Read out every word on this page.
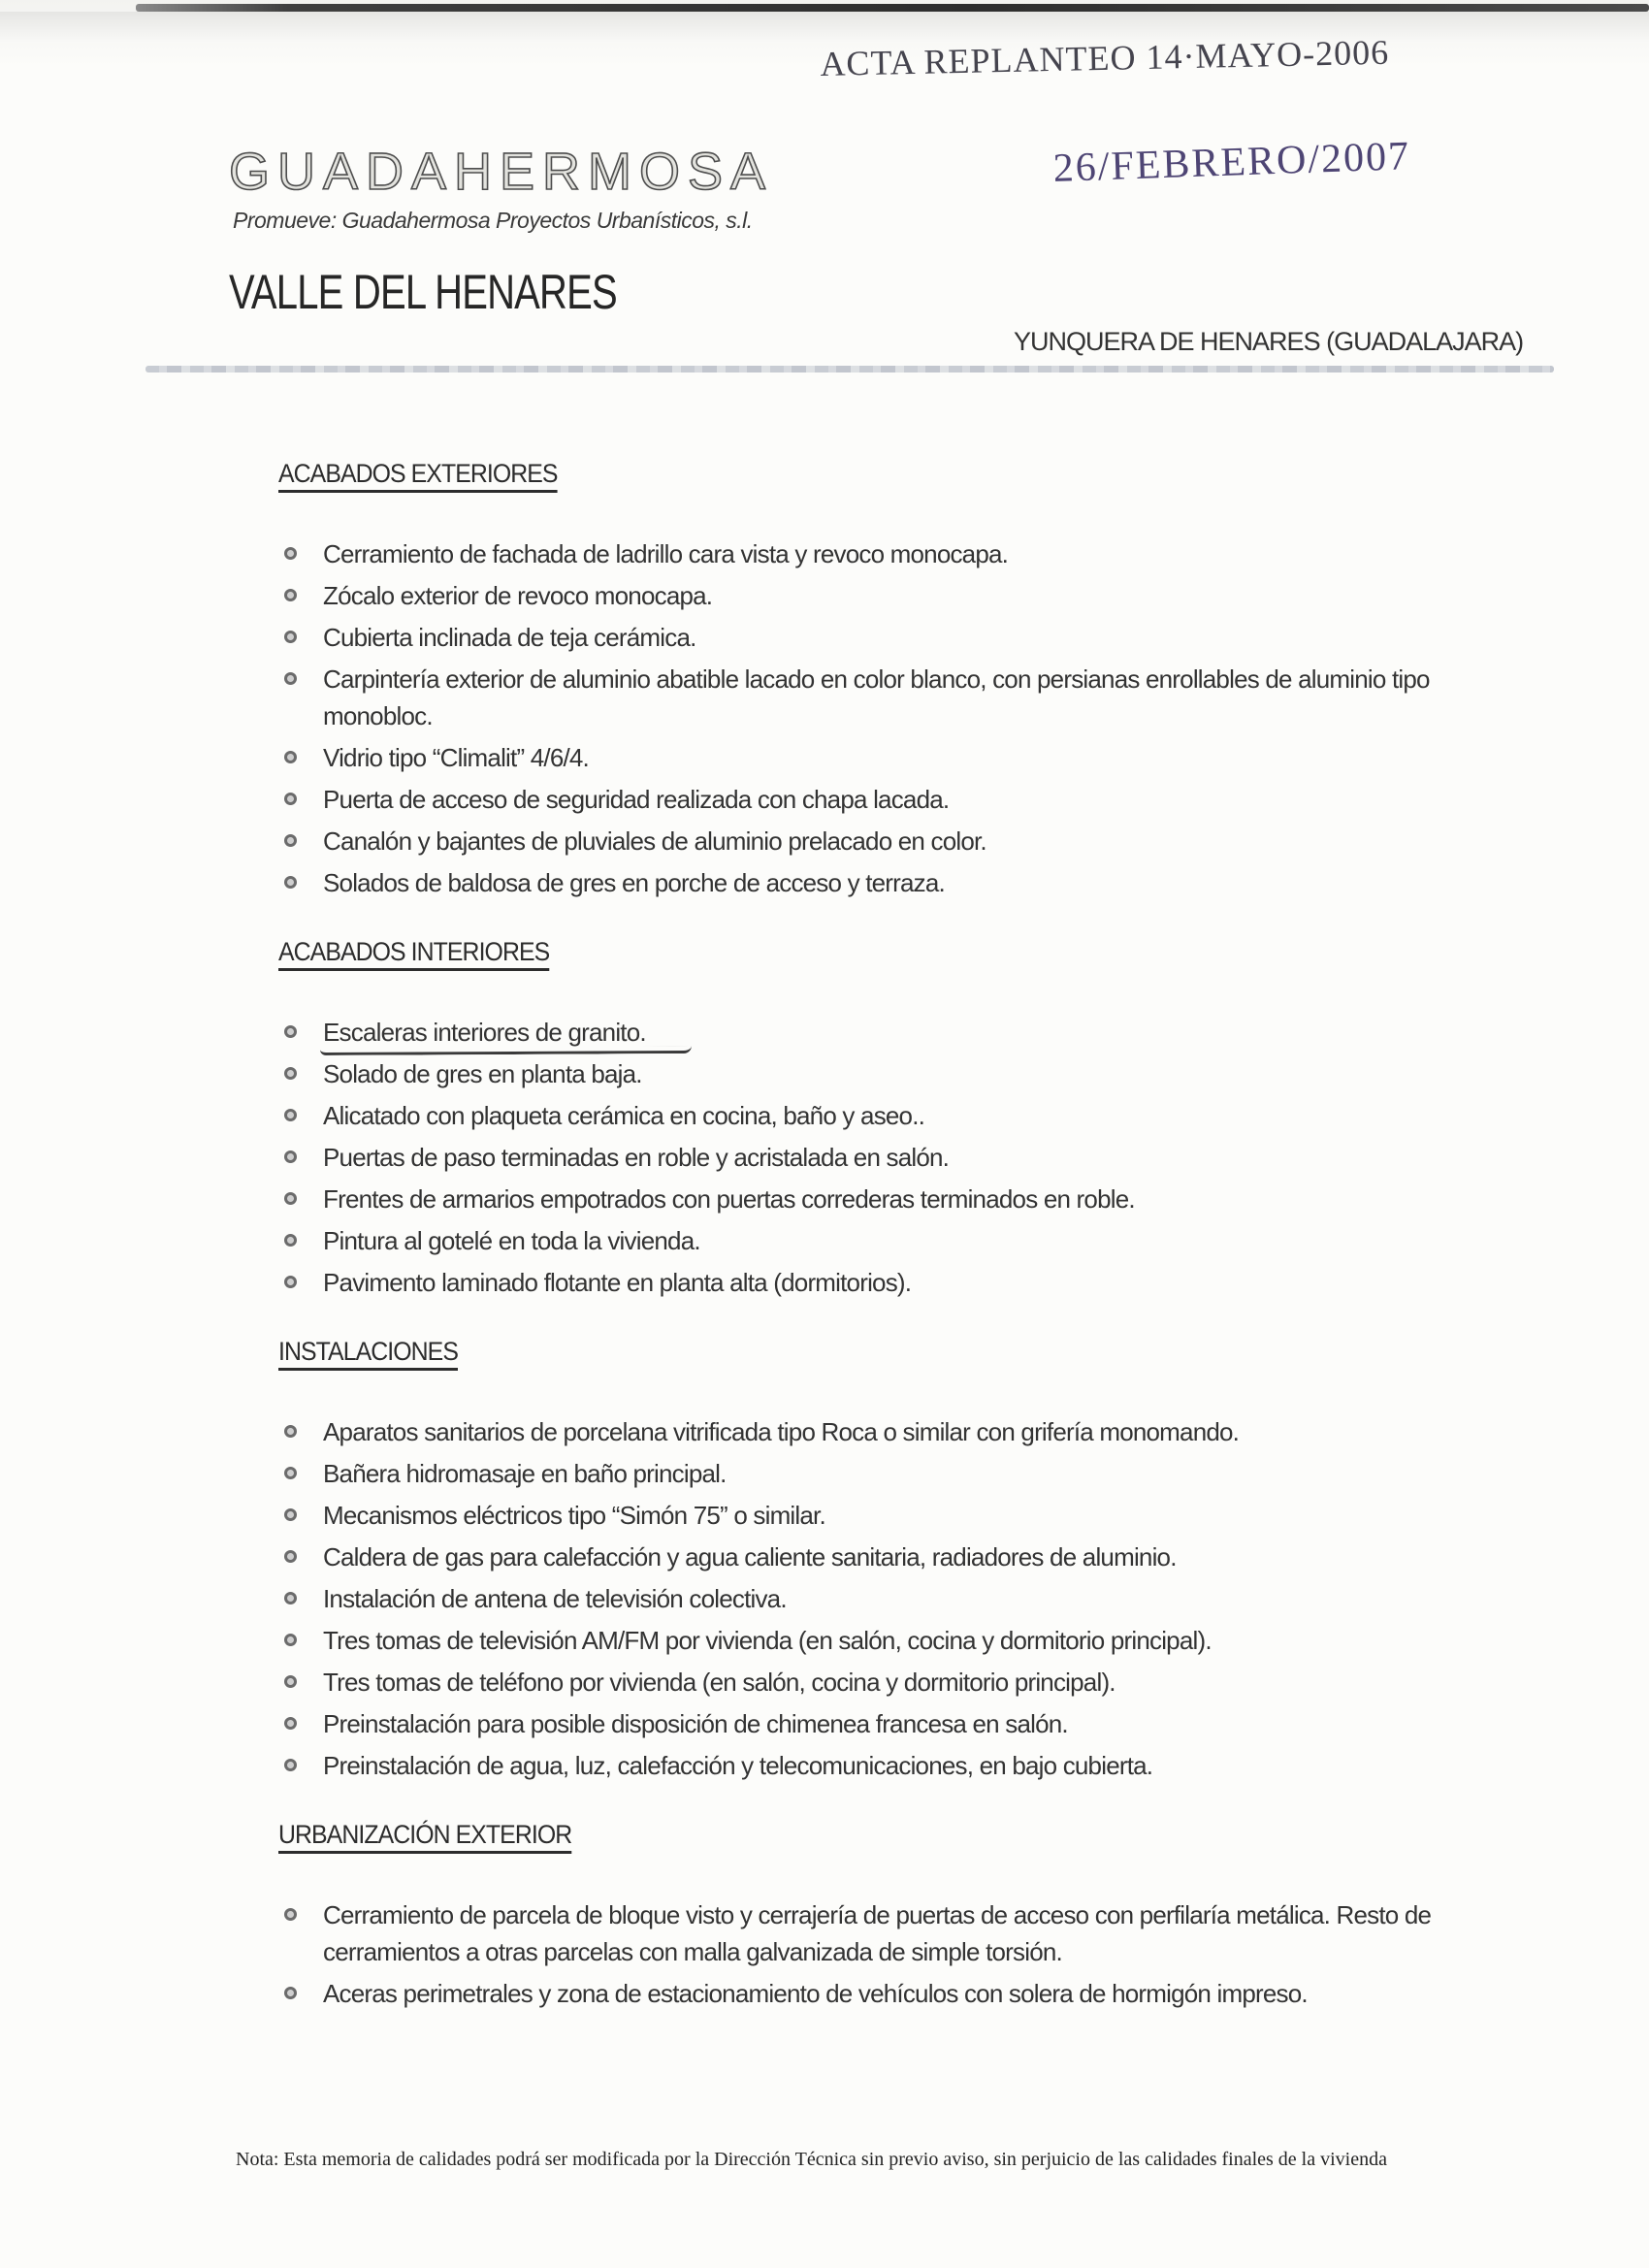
ACTA REPLANTEO 14·MAYO-2006
26/FEBRERO/2007
GUADAHERMOSA
Promueve: Guadahermosa Proyectos Urbanísticos, s.l.
VALLE DEL HENARES
YUNQUERA DE HENARES (GUADALAJARA)
ACABADOS EXTERIORES
Cerramiento de fachada de ladrillo cara vista y revoco monocapa.
Zócalo exterior de revoco monocapa.
Cubierta inclinada de teja cerámica.
Carpintería exterior de aluminio abatible lacado en color blanco, con persianas enrollables de aluminio tipo monobloc.
Vidrio tipo “Climalit” 4/6/4.
Puerta de acceso de seguridad realizada con chapa lacada.
Canalón y bajantes de pluviales de aluminio prelacado en color.
Solados de baldosa de gres en porche de acceso y terraza.
ACABADOS INTERIORES
Escaleras interiores de granito.
Solado de gres en planta baja.
Alicatado con plaqueta cerámica en cocina, baño y aseo..
Puertas de paso terminadas en roble y acristalada en salón.
Frentes de armarios empotrados con puertas correderas terminados en roble.
Pintura al gotelé en toda la vivienda.
Pavimento laminado flotante en planta alta (dormitorios).
INSTALACIONES
Aparatos sanitarios de porcelana vitrificada tipo Roca o similar con grifería monomando.
Bañera hidromasaje en baño principal.
Mecanismos eléctricos tipo “Simón 75” o similar.
Caldera de gas para calefacción y agua caliente sanitaria, radiadores de aluminio.
Instalación de antena de televisión colectiva.
Tres tomas de televisión AM/FM por vivienda (en salón, cocina y dormitorio principal).
Tres tomas de teléfono por vivienda (en salón, cocina y dormitorio principal).
Preinstalación para posible disposición de chimenea francesa en salón.
Preinstalación de agua, luz, calefacción y telecomunicaciones, en bajo cubierta.
URBANIZACIÓN EXTERIOR
Cerramiento de parcela de bloque visto y cerrajería de puertas de acceso con perfilaría metálica. Resto de cerramientos a otras parcelas con malla galvanizada de simple torsión.
Aceras perimetrales y zona de estacionamiento de vehículos con solera de hormigón impreso.
Nota: Esta memoria de calidades podrá ser modificada por la Dirección Técnica sin previo aviso, sin perjuicio de las calidades finales de la vivienda
